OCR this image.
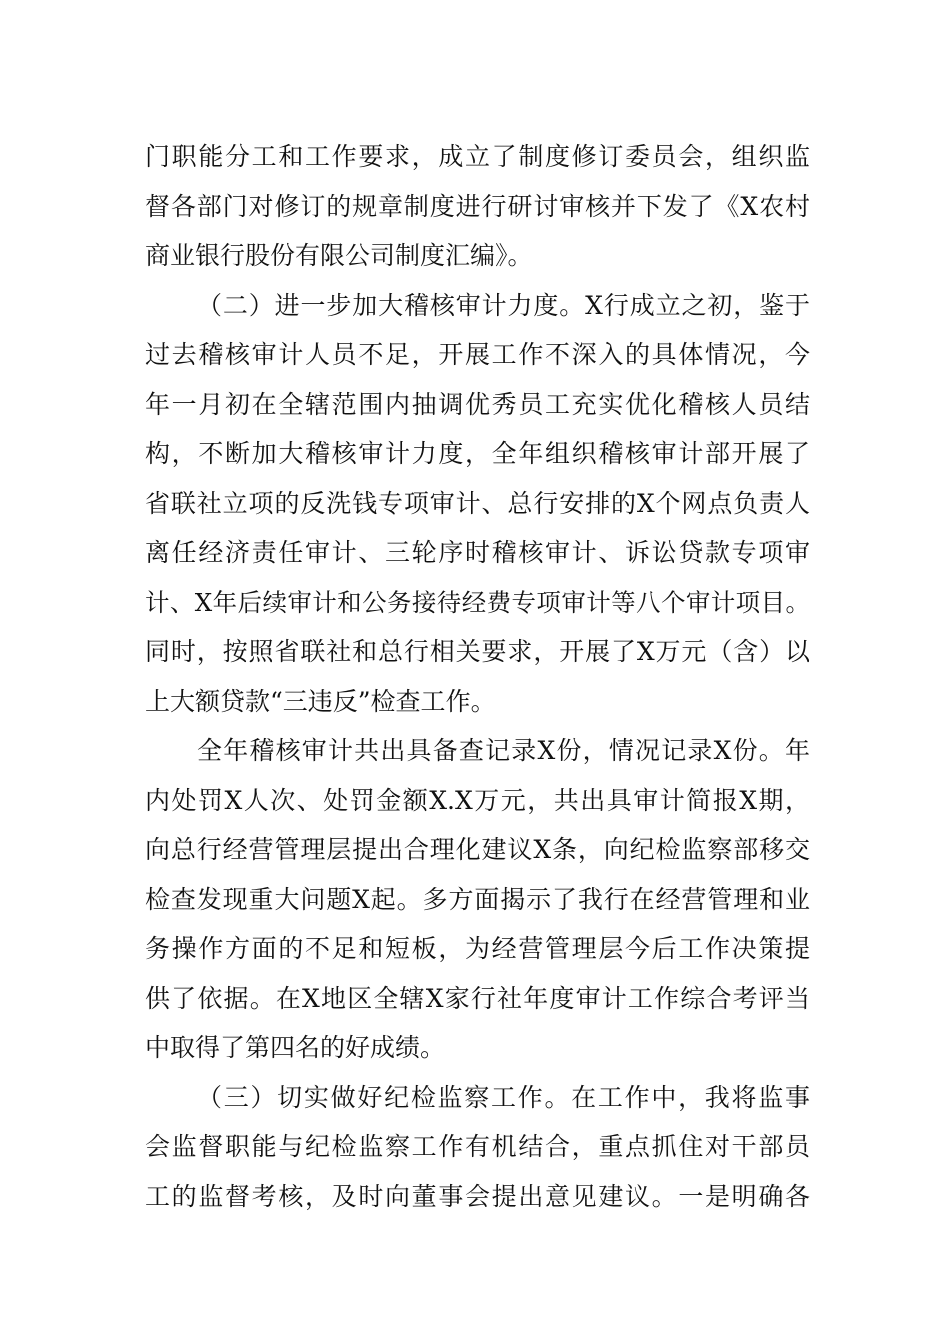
门职能分工和工作要求，成立了制度修订委员会，组织监
督各部门对修订的规章制度进行研讨审核并下发了《X农村
商业银行股份有限公司制度汇编》。
（二）进一步加大稽核审计力度。X行成立之初，鉴于
过去稽核审计人员不足，开展工作不深入的具体情况，今
年一月初在全辖范围内抽调优秀员工充实优化稽核人员结
构，不断加大稽核审计力度，全年组织稽核审计部开展了
省联社立项的反洗钱专项审计、总行安排的X个网点负责人
离任经济责任审计、三轮序时稽核审计、诉讼贷款专项审
计、X年后续审计和公务接待经费专项审计等八个审计项目。
同时，按照省联社和总行相关要求，开展了X万元（含）以
上大额贷款“三违反”检查工作。
全年稽核审计共出具备查记录X份，情况记录X份。年
内处罚X人次、处罚金额X.X万元，共出具审计简报X期，
向总行经营管理层提出合理化建议X条，向纪检监察部移交
检查发现重大问题X起。多方面揭示了我行在经营管理和业
务操作方面的不足和短板，为经营管理层今后工作决策提
供了依据。在X地区全辖X家行社年度审计工作综合考评当
中取得了第四名的好成绩。
（三）切实做好纪检监察工作。在工作中，我将监事
会监督职能与纪检监察工作有机结合，重点抓住对干部员
工的监督考核，及时向董事会提出意见建议。一是明确各
